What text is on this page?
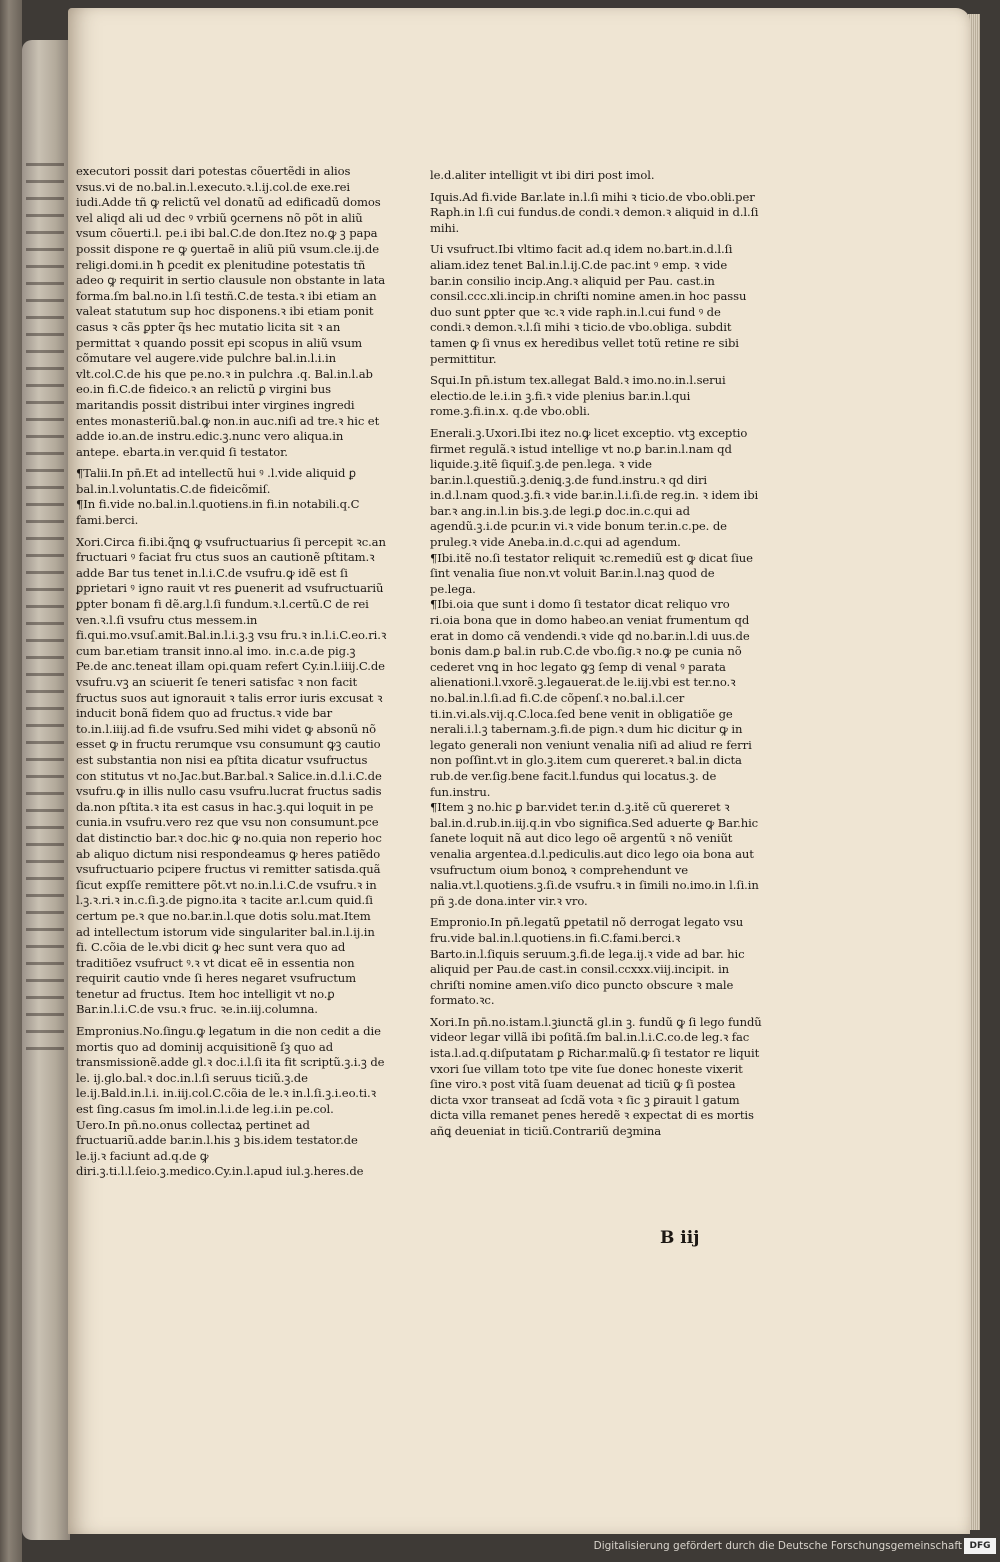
executori possit dari potestas cõuertẽdi in alios vsus.vi de no.bal.in.l.executo.ꝛ.l.ij.col.de exe.rei iudi.Adde tñ ꝙ relictũ vel donatũ ad edificadũ domos vel aliqd ali ud dec ꝰ vrbiũ ꝯcernens nõ põt in aliũ vsum cõuerti.l. pe.i ibi bal.C.de don.Itez no.ꝙ ꝫ papa possit dispone re ꝙ ꝯuertaẽ in aliũ piũ vsum.cle.ij.de religi.domi.in ħ ꝑcedit ex plenitudine potestatis tñ adeo ꝙ requirit in sertio clausule non obstante in lata forma.ſm bal.no.in l.ſi testñ.C.de testa.ꝛ ibi etiam an valeat statutum sup hoc disponens.ꝛ ibi etiam ponit casus ꝛ cãs ꝑpter q̃s hec mutatio licita sit ꝛ an permittat ꝛ quando possit epi scopus in aliũ vsum cõmutare vel augere.vide pulchre bal.in.l.i.in vlt.col.C.de his que pe.no.ꝛ in pulchra .q. Bal.in.l.ab eo.in fi.C.de fideico.ꝛ an relictũ ꝑ virgini bus maritandis possit distribui inter virgines ingredi entes monasteriũ.bal.ꝙ non.in auc.niſi ad tre.ꝛ hic et adde io.an.de instru.edic.ꝫ.nunc vero aliqua.in antepe. ebarta.in ver.quid ſi testator.

¶Talii.In pn̄.Et ad intellectũ hui ꝰ .l.vide aliquid ꝑ bal.in.l.voluntatis.C.de fideicõmiſ.

¶In fi.vide no.bal.in.l.quotiens.in fi.in notabili.q.C fami.berci.

Xori.Circa fi.ibi.q̃nꝗ ꝙ vsufructuarius ſi percepit ꝛc.an fructuari ꝰ faciat fru ctus suos an cautionẽ pſtitam.ꝛ adde Bar tus tenet in.l.i.C.de vsufru.ꝙ idẽ est ſi ꝑprietari ꝰ igno rauit vt res ꝑuenerit ad vsufructuariũ ꝑpter bonam fi dẽ.arg.l.ſi fundum.ꝛ.l.certũ.C de rei ven.ꝛ.l.ſi vsufru ctus messem.in fi.qui.mo.vsuſ.amit.Bal.in.l.i.ꝫ.ꝫ vsu fru.ꝛ in.l.i.C.eo.ri.ꝛ cum bar.etiam transit inno.al imo. in.c.a.de pig.ꝫ Pe.de anc.teneat illam opi.quam refert Cy.in.l.iiij.C.de vsufru.vꝫ an sciuerit ſe teneri satisfac ꝛ non facit fructus suos aut ignorauit ꝛ talis error iuris excusat ꝛ inducit bonã fidem quo ad fructus.ꝛ vide bar to.in.l.iiij.ad fi.de vsufru.Sed mihi videt ꝙ absonũ nõ esset ꝙ in fructu rerumque vsu consumunt ꝙꝫ cautio est substantia non nisi ea pſtita dicatur vsufructus con stitutus vt no.Jac.but.Bar.bal.ꝛ Salice.in.d.l.i.C.de vsufru.ꝙ in illis nullo casu vsufru.lucrat fructus sadis da.non pſtita.ꝛ ita est casus in hac.ꝫ.qui loquit in pe cunia.in vsufru.vero rez que vsu non consumunt.pce dat distinctio bar.ꝛ doc.hic ꝙ no.quia non reperio hoc ab aliquo dictum nisi respondeamus ꝙ heres patiẽdo vsufructuario pcipere fructus vi remitter satisda.quã ſicut expſſe remittere põt.vt no.in.l.i.C.de vsufru.ꝛ in l.ꝫ.ꝛ.ri.ꝛ in.c.ſi.ꝫ.de pigno.ita ꝛ tacite ar.l.cum quid.ſi certum pe.ꝛ que no.bar.in.l.que dotis solu.mat.Item ad intellectum istorum vide singulariter bal.in.l.ij.in fi. C.cõia de le.vbi dicit ꝙ hec sunt vera quo ad traditiõez vsufruct ꝰ.ꝛ vt dicat eẽ in essentia non requirit cautio vnde ſi heres negaret vsufructum tenetur ad fructus. Item hoc intelligit vt no.ꝑ Bar.in.l.i.C.de vsu.ꝛ fruc. ꝛe.in.iij.columna.

Empronius.No.ſingu.ꝙ legatum in die non cedit a die mortis quo ad dominij acquisitionẽ ſꝫ quo ad transmissionẽ.adde gl.ꝛ doc.i.l.ſi ita fit scriptũ.ꝫ.i.ꝫ de le. ij.glo.bal.ꝛ doc.in.l.ſi seruus ticiũ.ꝫ.de le.ij.Bald.in.l.i. in.iij.col.C.cõia de le.ꝛ in.l.ſi.ꝫ.i.eo.ti.ꝛ est ſing.casus ſm imol.in.l.i.de leg.i.in pe.col.

Uero.In pñ.no.onus collectaꝝ pertinet ad fructuariũ.adde bar.in.l.his ꝫ bis.idem testator.de le.ij.ꝛ faciunt ad.q.de ꝙ diri.ꝫ.ti.l.l.ſeio.ꝫ.medico.Cy.in.l.apud iul.ꝫ.heres.de

le.d.aliter intelligit vt ibi diri post imol.

Iquis.Ad fi.vide Bar.late in.l.ſi mihi ꝛ ticio.de vbo.obli.per Raph.in l.ſi cui fundus.de condi.ꝛ demon.ꝛ aliquid in d.l.ſi mihi.

Ui vsufruct.Ibi vltimo facit ad.q idem no.bart.in.d.l.ſi aliam.idez tenet Bal.in.l.ij.C.de pac.int ꝰ emp. ꝛ vide bar.in consilio incip.Ang.ꝛ aliquid per Pau. cast.in consil.ccc.xli.incip.in chriſti nomine amen.in hoc passu duo sunt ꝑpter que ꝛc.ꝛ vide raph.in.l.cui fund ꝰ de condi.ꝛ demon.ꝛ.l.ſi mihi ꝛ ticio.de vbo.obliga. subdit tamen ꝙ ſi vnus ex heredibus vellet totũ retine re sibi permittitur.

Squi.In pn̄.istum tex.allegat Bald.ꝛ imo.no.in.l.serui electio.de le.i.in ꝫ.fi.ꝛ vide plenius bar.in.l.qui rome.ꝫ.fi.in.x. q.de vbo.obli.

Enerali.ꝫ.Uxori.Ibi itez no.ꝙ licet exceptio. vtꝫ exceptio firmet regulã.ꝛ istud intellige vt no.ꝑ bar.in.l.nam qd liquide.ꝫ.itẽ ſiquiſ.ꝫ.de pen.lega. ꝛ vide bar.in.l.questiũ.ꝫ.deniꝗ.ꝫ.de fund.instru.ꝛ qd diri in.d.l.nam quod.ꝫ.fi.ꝛ vide bar.in.l.i.ſi.de reg.in. ꝛ idem ibi bar.ꝛ ang.in.l.in bis.ꝫ.de legi.ꝑ doc.in.c.qui ad agendũ.ꝫ.i.de pcur.in vi.ꝛ vide bonum ter.in.c.pe. de pruleg.ꝛ vide Aneba.in.d.c.qui ad agendum.

¶Ibi.itẽ no.ſi testator reliquit ꝛc.remediũ est ꝙ dicat ſiue ſint venalia ſiue non.vt voluit Bar.in.l.naꝫ quod de pe.lega.

¶Ibi.oia que sunt i domo ſi testator dicat reliquo vro ri.oia bona que in domo habeo.an veniat frumentum qd erat in domo cã vendendi.ꝛ vide qd no.bar.in.l.di uus.de bonis dam.ꝑ bal.in rub.C.de vbo.ſig.ꝛ no.ꝙ pe cunia nõ cederet vnꝗ in hoc legato ꝙꝫ ſemp di venal ꝰ parata alienationi.l.vxorẽ.ꝫ.legauerat.de le.iij.vbi est ter.no.ꝛ no.bal.in.l.ſi.ad fi.C.de cõpenſ.ꝛ no.bal.i.l.cer ti.in.vi.als.vij.q.C.loca.ſed bene venit in obligatiõe ge nerali.i.l.ꝫ tabernam.ꝫ.fi.de pign.ꝛ dum hic dicitur ꝙ in legato generali non veniunt venalia niſi ad aliud re ferri non poſſint.vt in glo.ꝫ.item cum quereret.ꝛ bal.in dicta rub.de ver.ſig.bene facit.l.fundus qui locatus.ꝫ. de fun.instru.

¶Item ꝫ no.hic ꝑ bar.videt ter.in d.ꝫ.itẽ cũ quereret ꝛ bal.in.d.rub.in.iij.q.in vbo significa.Sed aduerte ꝙ Bar.hic ſanete loquit nã aut dico lego oẽ argentũ ꝛ nõ veniũt venalia argentea.d.l.pediculis.aut dico lego oia bona aut vsufructum oium bonoꝝ ꝛ comprehendunt ve nalia.vt.l.quotiens.ꝫ.ſi.de vsufru.ꝛ in ſimili no.imo.in l.ſi.in pñ ꝫ.de dona.inter vir.ꝛ vro.

Empronio.In pn̄.legatũ ꝑpetatil nõ derrogat legato vsu fru.vide bal.in.l.quotiens.in fi.C.fami.berci.ꝛ Barto.in.l.ſiquis seruum.ꝫ.fi.de lega.ij.ꝛ vide ad bar. hic aliquid per Pau.de cast.in consil.ccxxx.viij.incipit. in chriſti nomine amen.viſo dico puncto obscure ꝛ male formato.ꝛc.

Xori.In pn̄.no.istam.l.ꝫiunctã gl.in ꝫ. fundũ ꝙ ſi lego fundũ videor legar villã ibi poſitã.ſm bal.in.l.i.C.co.de leg.ꝛ fac ista.l.ad.q.diſputatam ꝑ Richar.malũ.ꝙ ſi testator re liquit vxori ſue villam toto tpe vite ſue donec honeste vixerit ſine viro.ꝛ post vitã ſuam deuenat ad ticiũ ꝙ ſi postea dicta vxor transeat ad ſcdã vota ꝛ ſic ꝫ ꝑirauit l gatum dicta villa remanet penes heredẽ ꝛ expectat di es mortis añꝗ deueniat in ticiũ.Contrariũ deꝫmina

B iij
Digitalisierung gefördert durch die Deutsche Forschungsgemeinschaft DFG
